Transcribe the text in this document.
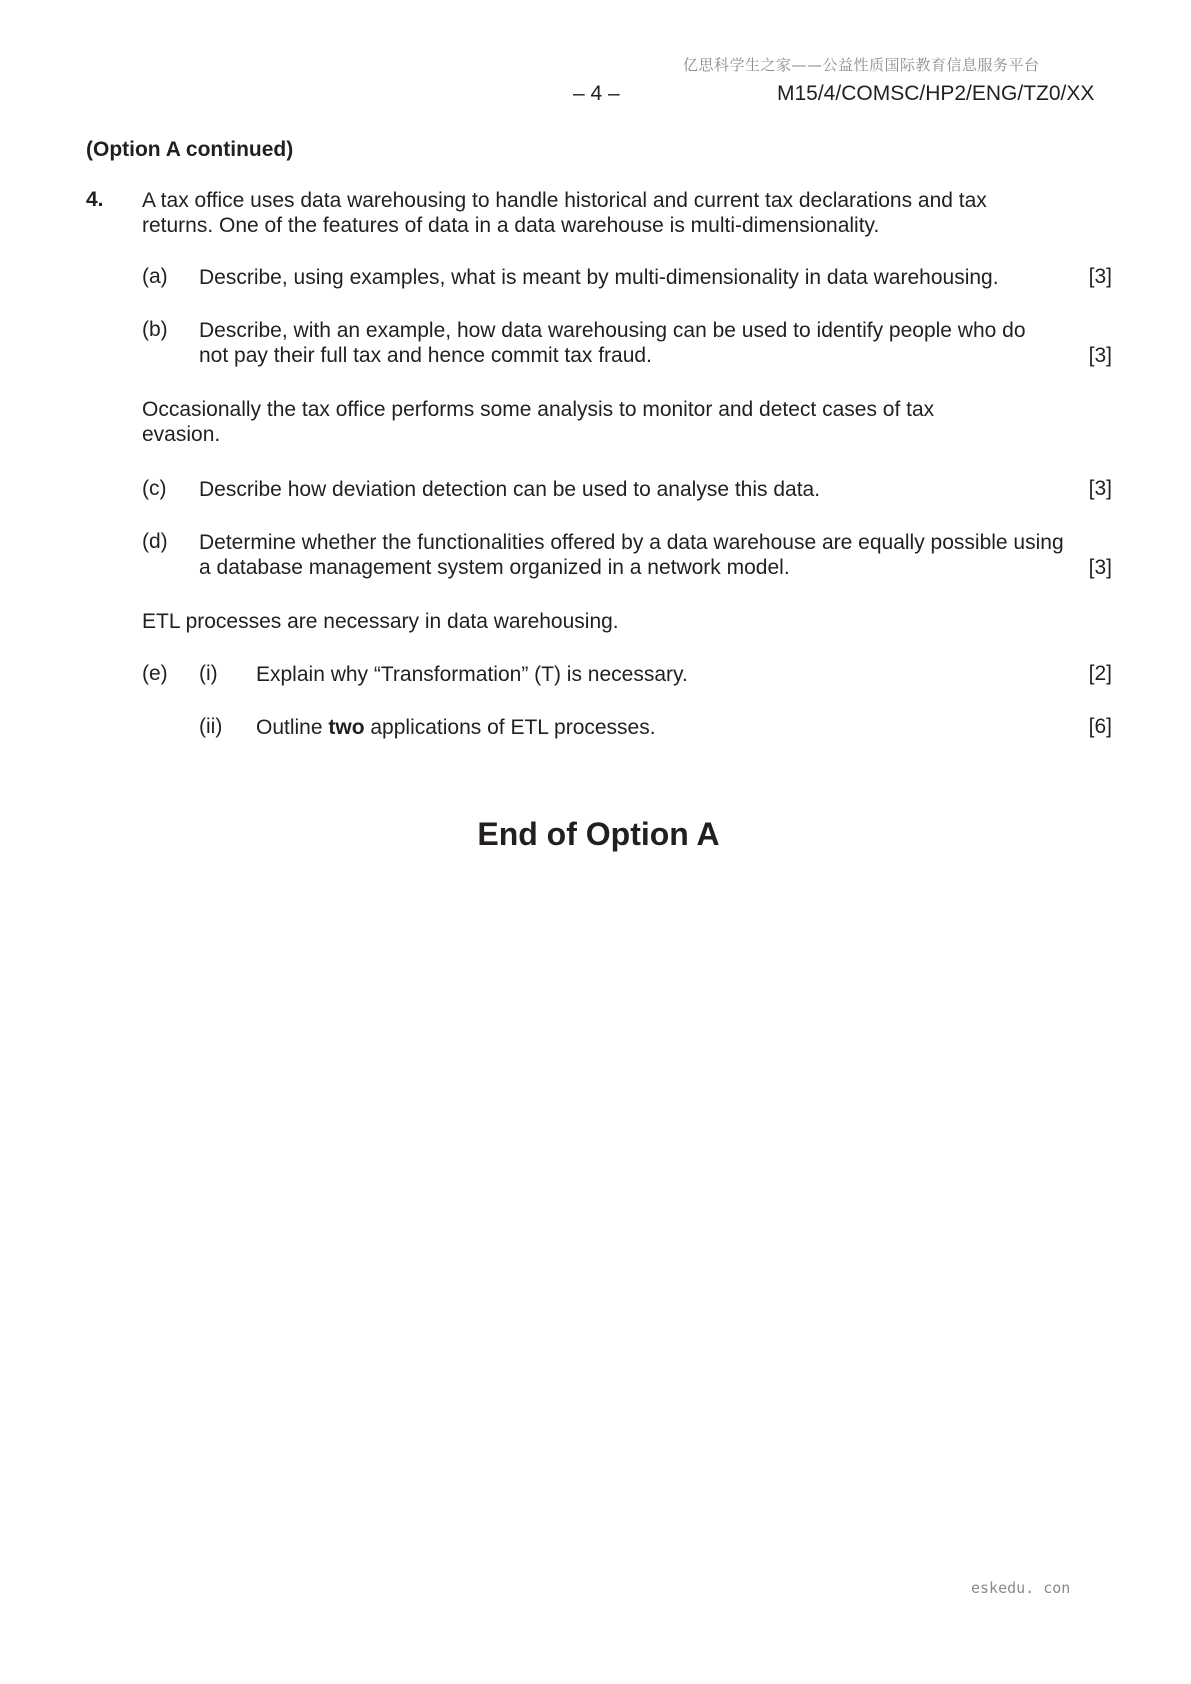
亿思科学生之家——公益性质国际教育信息服务平台
– 4 –	M15/4/COMSC/HP2/ENG/TZ0/XX
(Option A continued)
4. A tax office uses data warehousing to handle historical and current tax declarations and tax returns. One of the features of data in a data warehouse is multi-dimensionality.
(a) Describe, using examples, what is meant by multi-dimensionality in data warehousing.	[3]
(b) Describe, with an example, how data warehousing can be used to identify people who do not pay their full tax and hence commit tax fraud.	[3]
Occasionally the tax office performs some analysis to monitor and detect cases of tax evasion.
(c) Describe how deviation detection can be used to analyse this data.	[3]
(d) Determine whether the functionalities offered by a data warehouse are equally possible using a database management system organized in a network model.	[3]
ETL processes are necessary in data warehousing.
(e) (i) Explain why “Transformation” (T) is necessary.	[2]
(ii) Outline two applications of ETL processes.	[6]
End of Option A
eskedu. con
